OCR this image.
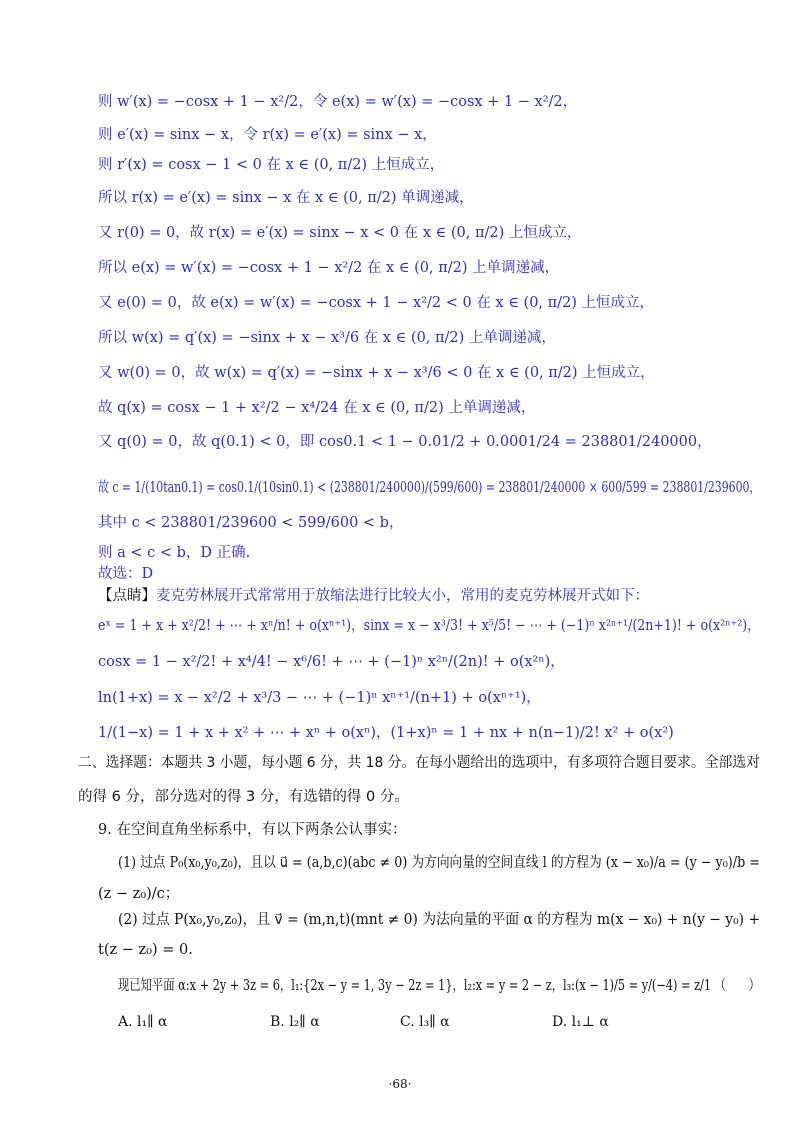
则 w′(x) = −cosx + 1 − x²/2，令 e(x) = w′(x) = −cosx + 1 − x²/2，
则 e′(x) = sinx − x，令 r(x) = e′(x) = sinx − x，
则 r′(x) = cosx − 1 < 0 在 x ∈ (0, π/2) 上恒成立，
所以 r(x) = e′(x) = sinx − x 在 x ∈ (0, π/2) 单调递减，
又 r(0) = 0，故 r(x) = e′(x) = sinx − x < 0 在 x ∈ (0, π/2) 上恒成立，
所以 e(x) = w′(x) = −cosx + 1 − x²/2 在 x ∈ (0, π/2) 上单调递减，
又 e(0) = 0，故 e(x) = w′(x) = −cosx + 1 − x²/2 < 0 在 x ∈ (0, π/2) 上恒成立，
所以 w(x) = q′(x) = −sinx + x − x³/6 在 x ∈ (0, π/2) 上单调递减，
又 w(0) = 0，故 w(x) = q′(x) = −sinx + x − x³/6 < 0 在 x ∈ (0, π/2) 上恒成立，
故 q(x) = cosx − 1 + x²/2 − x⁴/24 在 x ∈ (0, π/2) 上单调递减，
又 q(0) = 0，故 q(0.1) < 0，即 cos0.1 < 1 − 0.01/2 + 0.0001/24 = 238801/240000，
故 c = 1/(10tan0.1) = cos0.1/(10sin0.1) < (238801/240000)/(599/600) = 238801/240000 × 600/599 = 238801/239600，
其中 c < 238801/239600 < 599/600 < b，
则 a < c < b，D 正确.
故选：D
【点睛】麦克劳林展开式常常用于放缩法进行比较大小，常用的麦克劳林展开式如下：
eˣ = 1 + x + x²/2! + ⋯ + xⁿ/n! + o(xⁿ⁺¹)，sinx = x − x³/3! + x⁵/5! − ⋯ + (−1)ⁿ x²ⁿ⁺¹/(2n+1)! + o(x²ⁿ⁺²)，
cosx = 1 − x²/2! + x⁴/4! − x⁶/6! + ⋯ + (−1)ⁿ x²ⁿ/(2n)! + o(x²ⁿ)，
ln(1+x) = x − x²/2 + x³/3 − ⋯ + (−1)ⁿ xⁿ⁺¹/(n+1) + o(xⁿ⁺¹)，
1/(1−x) = 1 + x + x² + ⋯ + xⁿ + o(xⁿ)，(1+x)ⁿ = 1 + nx + n(n−1)/2! x² + o(x²)
二、选择题：本题共 3 小题，每小题 6 分，共 18 分。在每小题给出的选项中，有多项符合题目要求。全部选对
的得 6 分，部分选对的得 3 分，有选错的得 0 分。
9. 在空间直角坐标系中，有以下两条公认事实：
(1) 过点 P₀(x₀,y₀,z₀)，且以 u⃗ = (a,b,c)(abc ≠ 0) 为方向向量的空间直线 l 的方程为 (x − x₀)/a = (y − y₀)/b =
(z − z₀)/c；
(2) 过点 P(x₀,y₀,z₀)，且 v⃗ = (m,n,t)(mnt ≠ 0) 为法向量的平面 α 的方程为 m(x − x₀) + n(y − y₀) +
t(z − z₀) = 0.
现已知平面 α:x + 2y + 3z = 6，l₁:{2x − y = 1, 3y − 2z = 1}，l₂:x = y = 2 − z，l₃:(x − 1)/5 = y/(−4) = z/1 （　　）
A. l₁∥ α	B. l₂∥ α	C. l₃∥ α	D. l₁⊥ α
·68·
